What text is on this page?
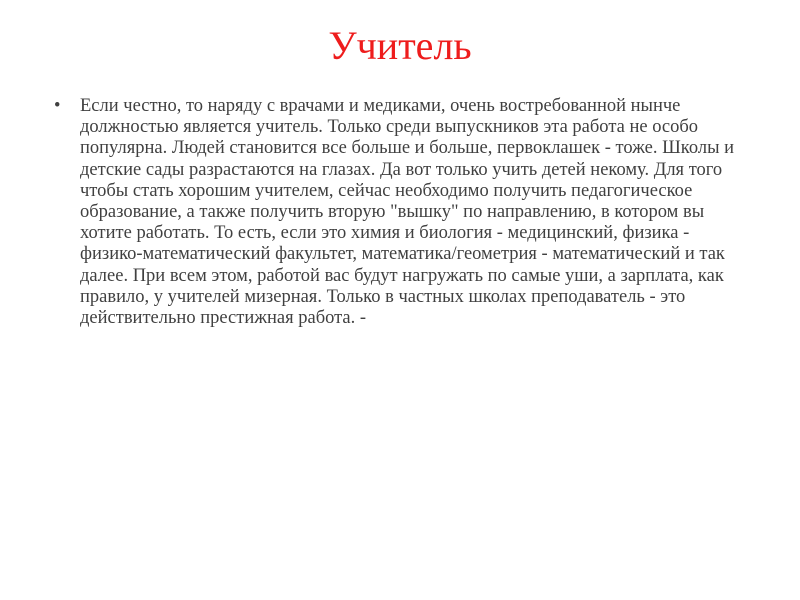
Учитель
• Если честно, то наряду с врачами и медиками, очень востребованной нынче должностью является учитель. Только среди выпускников эта работа не особо популярна. Людей становится все больше и больше, первоклашек - тоже. Школы и детские сады разрастаются на глазах. Да вот только учить детей некому. Для того чтобы стать хорошим учителем, сейчас необходимо получить педагогическое образование, а также получить вторую "вышку" по направлению, в котором вы хотите работать. То есть, если это химия и биология - медицинский, физика - физико-математический факультет, математика/геометрия - математический и так далее. При всем этом, работой вас будут нагружать по самые уши, а зарплата, как правило, у учителей мизерная. Только в частных школах преподаватель - это действительно престижная работа. -
